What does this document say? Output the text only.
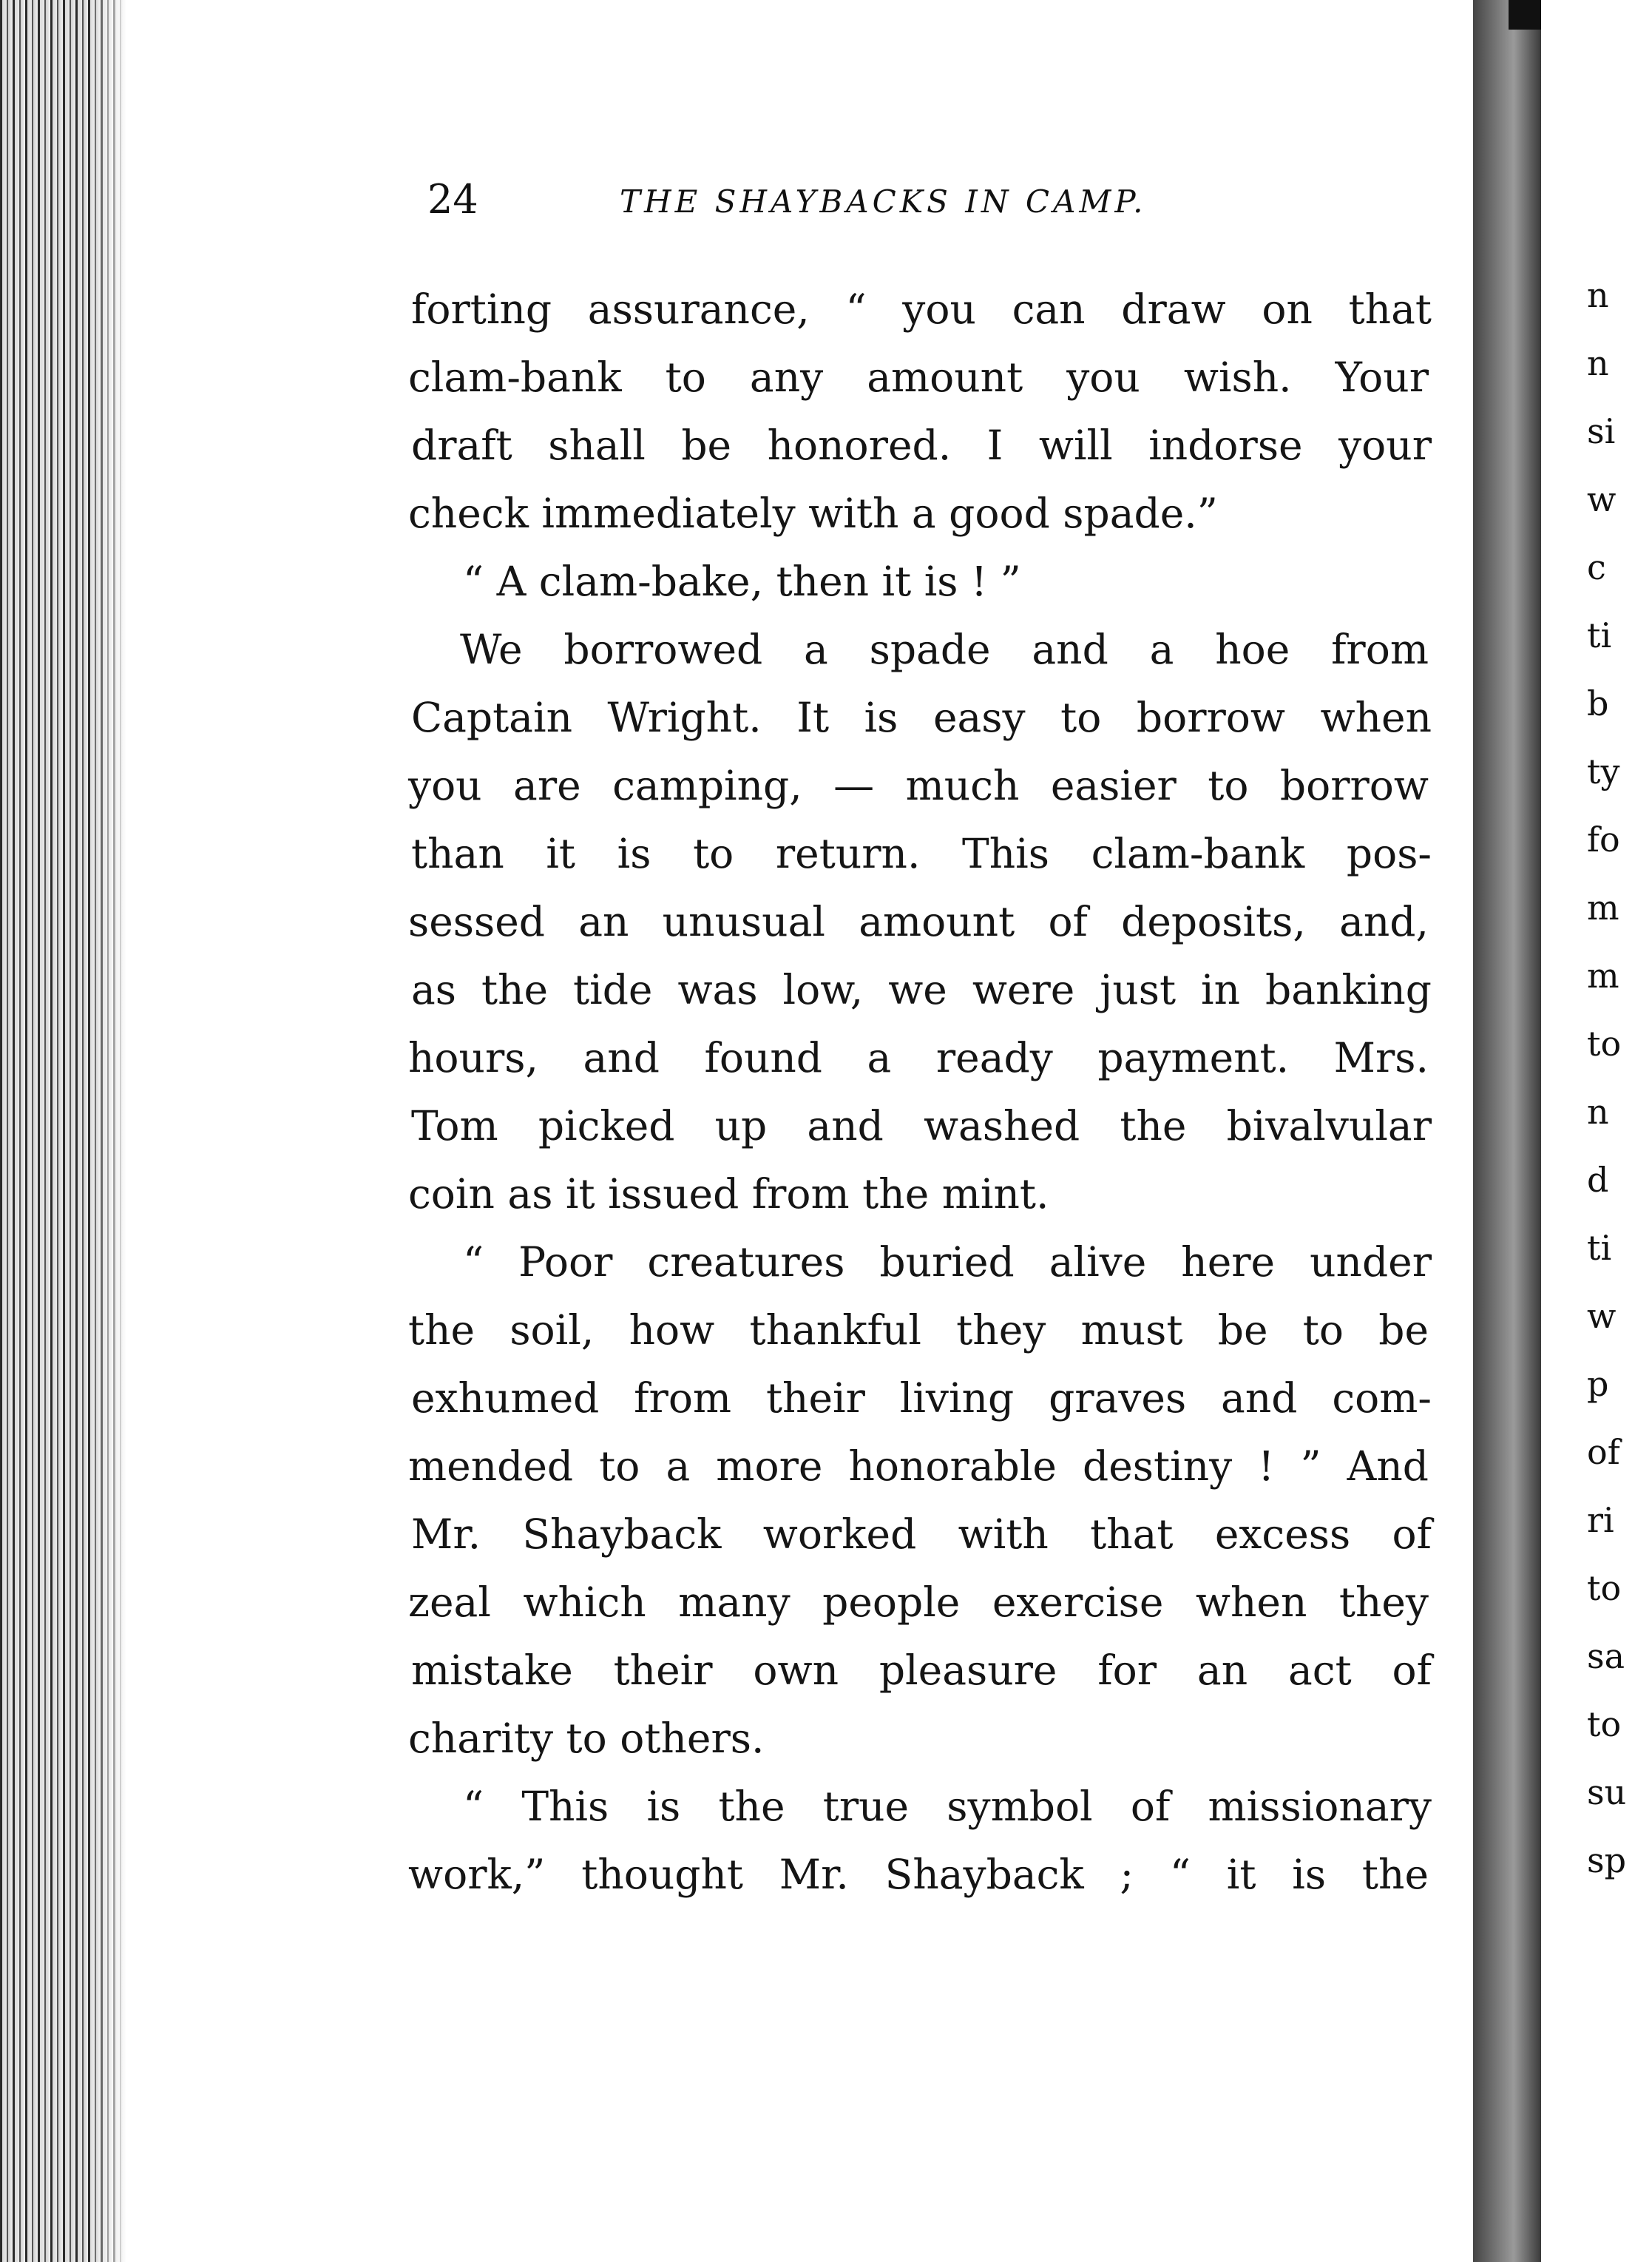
24	THE SHAYBACKS IN CAMP.
forting assurance, “ you can draw on that
clam-bank to any amount you wish. Your
draft shall be honored. I will indorse your
check immediately with a good spade.”
“ A clam-bake, then it is ! ”
We borrowed a spade and a hoe from
Captain Wright. It is easy to borrow when
you are camping, — much easier to borrow
than it is to return. This clam-bank pos-
sessed an unusual amount of deposits, and,
as the tide was low, we were just in banking
hours, and found a ready payment. Mrs.
Tom picked up and washed the bivalvular
coin as it issued from the mint.
“ Poor creatures buried alive here under
the soil, how thankful they must be to be
exhumed from their living graves and com-
mended to a more honorable destiny ! ” And
Mr. Shayback worked with that excess of
zeal which many people exercise when they
mistake their own pleasure for an act of
charity to others.
“ This is the true symbol of missionary
work,” thought Mr. Shayback ; “ it is the
n
n
si
w
c
ti
b
ty
fo
m
m
to
n
d
ti
w
p
of
ri
to
sa
to
su
sp
